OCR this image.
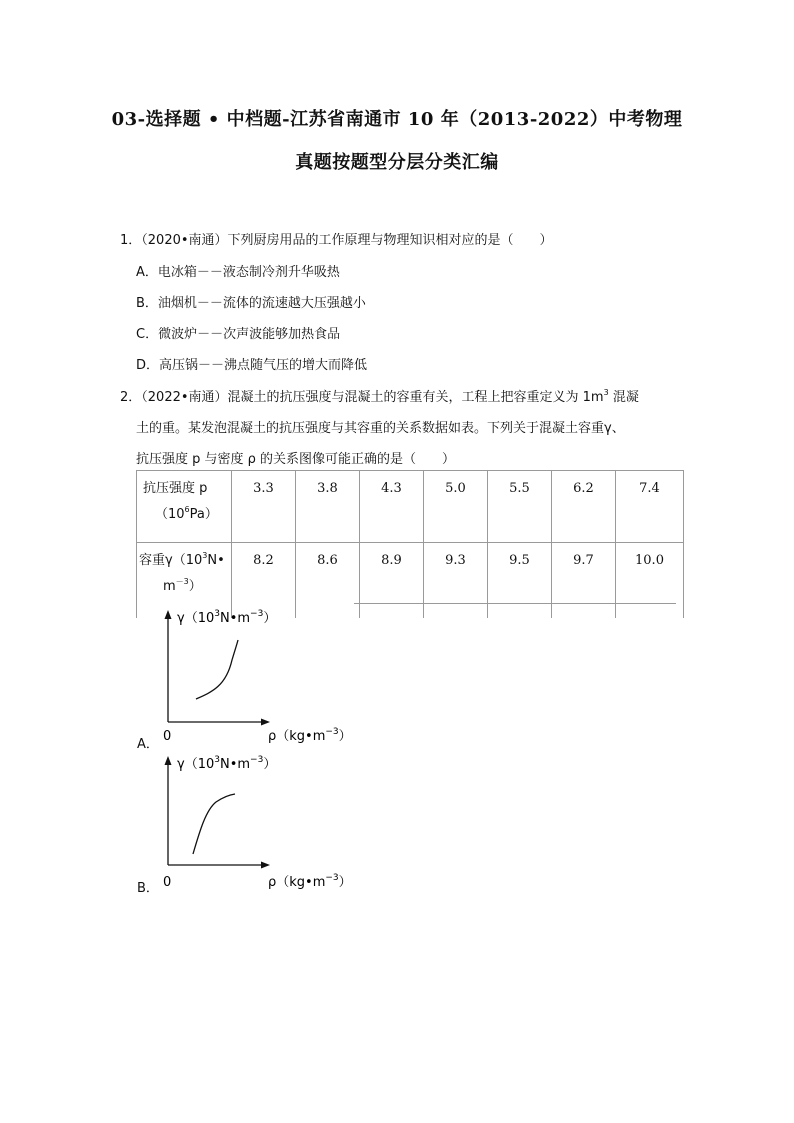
03-选择题 • 中档题-江苏省南通市 10 年（2013-2022）中考物理
真题按题型分层分类汇编
1．（2020•南通）下列厨房用品的工作原理与物理知识相对应的是（　　）
A．电冰箱－－液态制冷剂升华吸热
B．油烟机－－流体的流速越大压强越小
C．微波炉－－次声波能够加热食品
D．高压锅－－沸点随气压的增大而降低
2．（2022•南通）混凝土的抗压强度与混凝土的容重有关，工程上把容重定义为 $1m^3$ 混凝
土的重。某发泡混凝土的抗压强度与其容重的关系数据如表。下列关于混凝土容重γ、
抗压强度 p 与密度 ρ 的关系图像可能正确的是（　　）
抗压强度 p
$(10^6Pa)$	3.3	3.8	4.3	5.0	5.5	6.2	7.4

容重$\gamma(10^3N•$
$m^{-3}$）	8.2	8.6	8.9	9.3	9.5	9.7	10.0
A．
$\gamma(10^3N•m^{-3})$
0	$\rho(kg•m^{-3})$
B．
$\gamma(10^3N•m^{-3})$
0	$\rho(kg•m^{-3})$
